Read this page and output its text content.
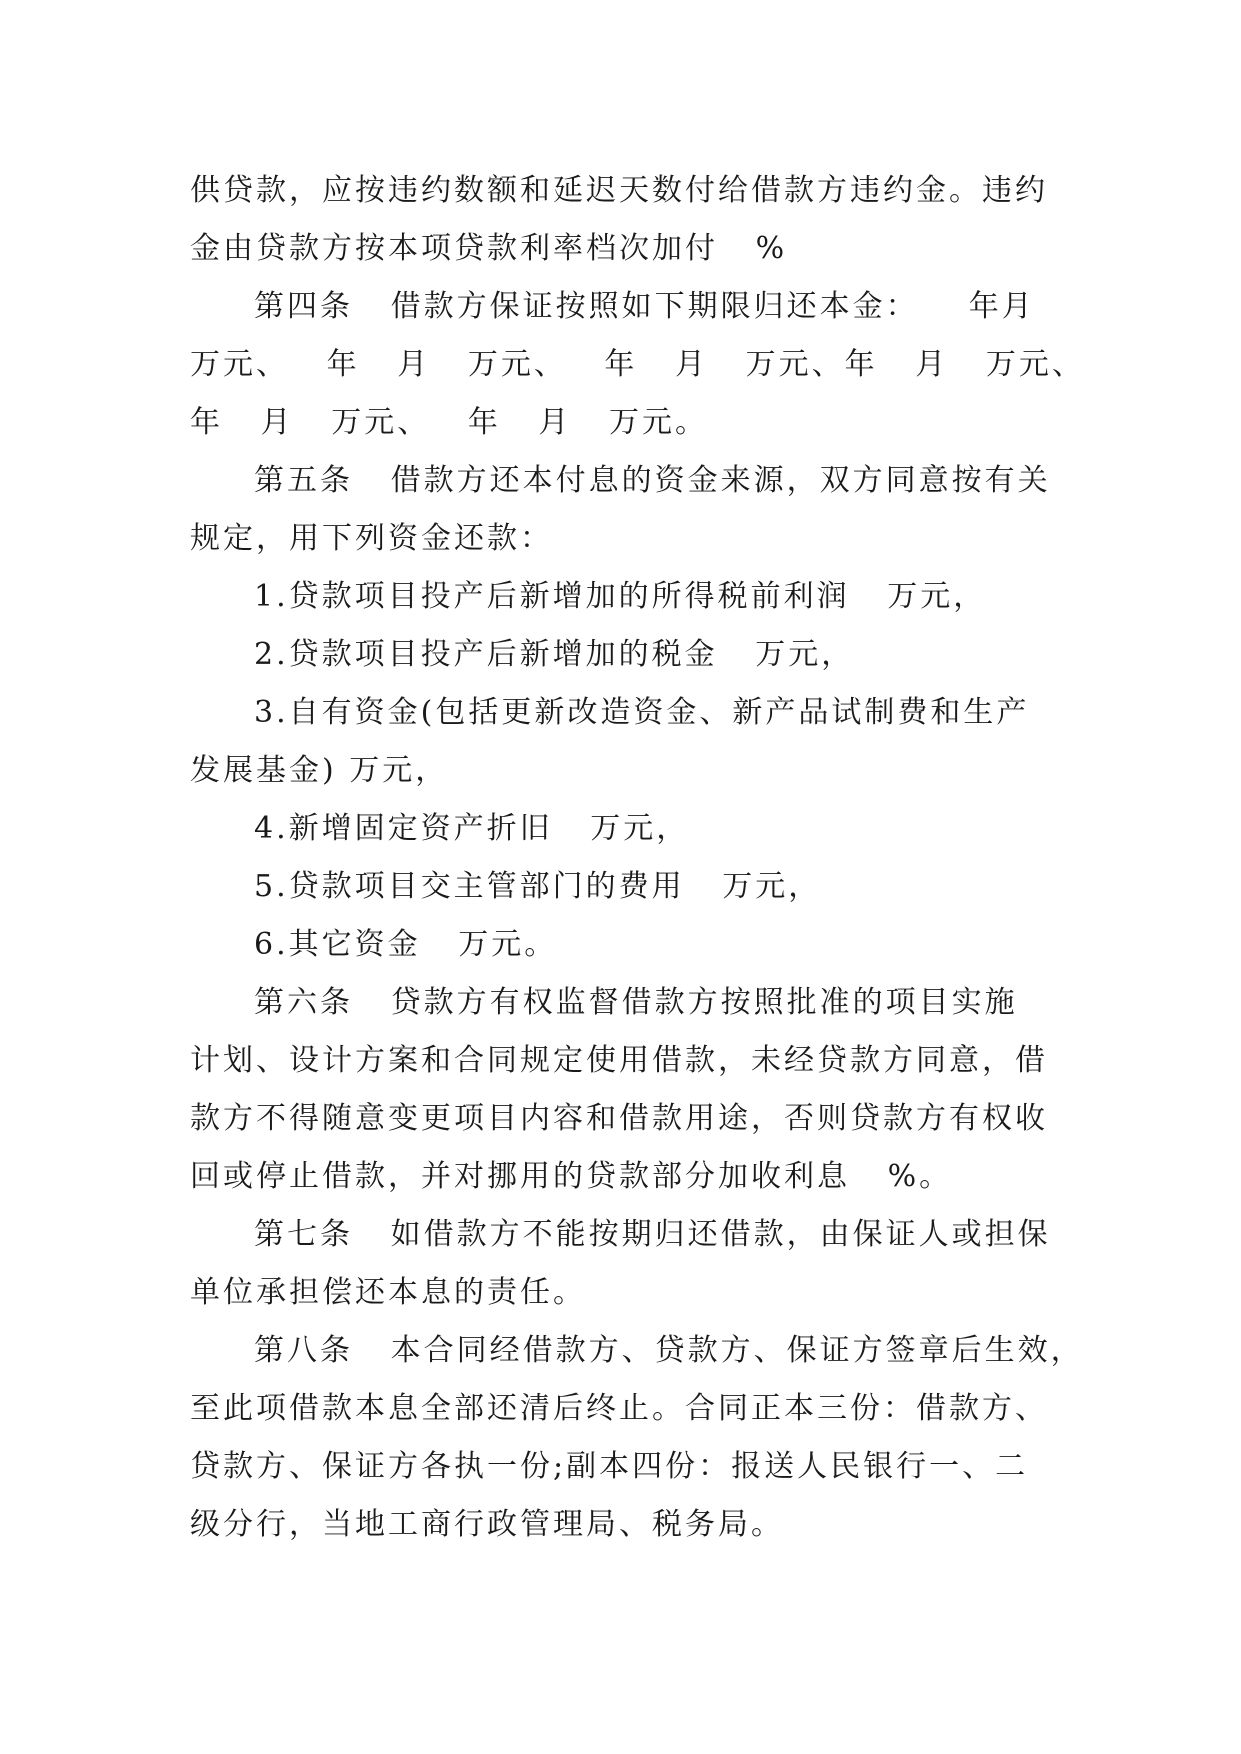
供贷款，应按违约数额和延迟天数付给借款方违约金。违约
金由贷款方按本项贷款利率档次加付   %
第四条   借款方保证按照如下期限归还本金：    年月
万元、   年   月   万元、   年   月   万元、年   月   万元、
年   月   万元、   年   月   万元。
第五条   借款方还本付息的资金来源，双方同意按有关
规定，用下列资金还款：
1.贷款项目投产后新增加的所得税前利润   万元，
2.贷款项目投产后新增加的税金   万元，
3.自有资金(包括更新改造资金、新产品试制费和生产
发展基金) 万元，
4.新增固定资产折旧   万元，
5.贷款项目交主管部门的费用   万元，
6.其它资金   万元。
第六条   贷款方有权监督借款方按照批准的项目实施
计划、设计方案和合同规定使用借款，未经贷款方同意，借
款方不得随意变更项目内容和借款用途，否则贷款方有权收
回或停止借款，并对挪用的贷款部分加收利息   %。
第七条   如借款方不能按期归还借款，由保证人或担保
单位承担偿还本息的责任。
第八条   本合同经借款方、贷款方、保证方签章后生效，
至此项借款本息全部还清后终止。合同正本三份：借款方、
贷款方、保证方各执一份;副本四份：报送人民银行一、二
级分行，当地工商行政管理局、税务局。
